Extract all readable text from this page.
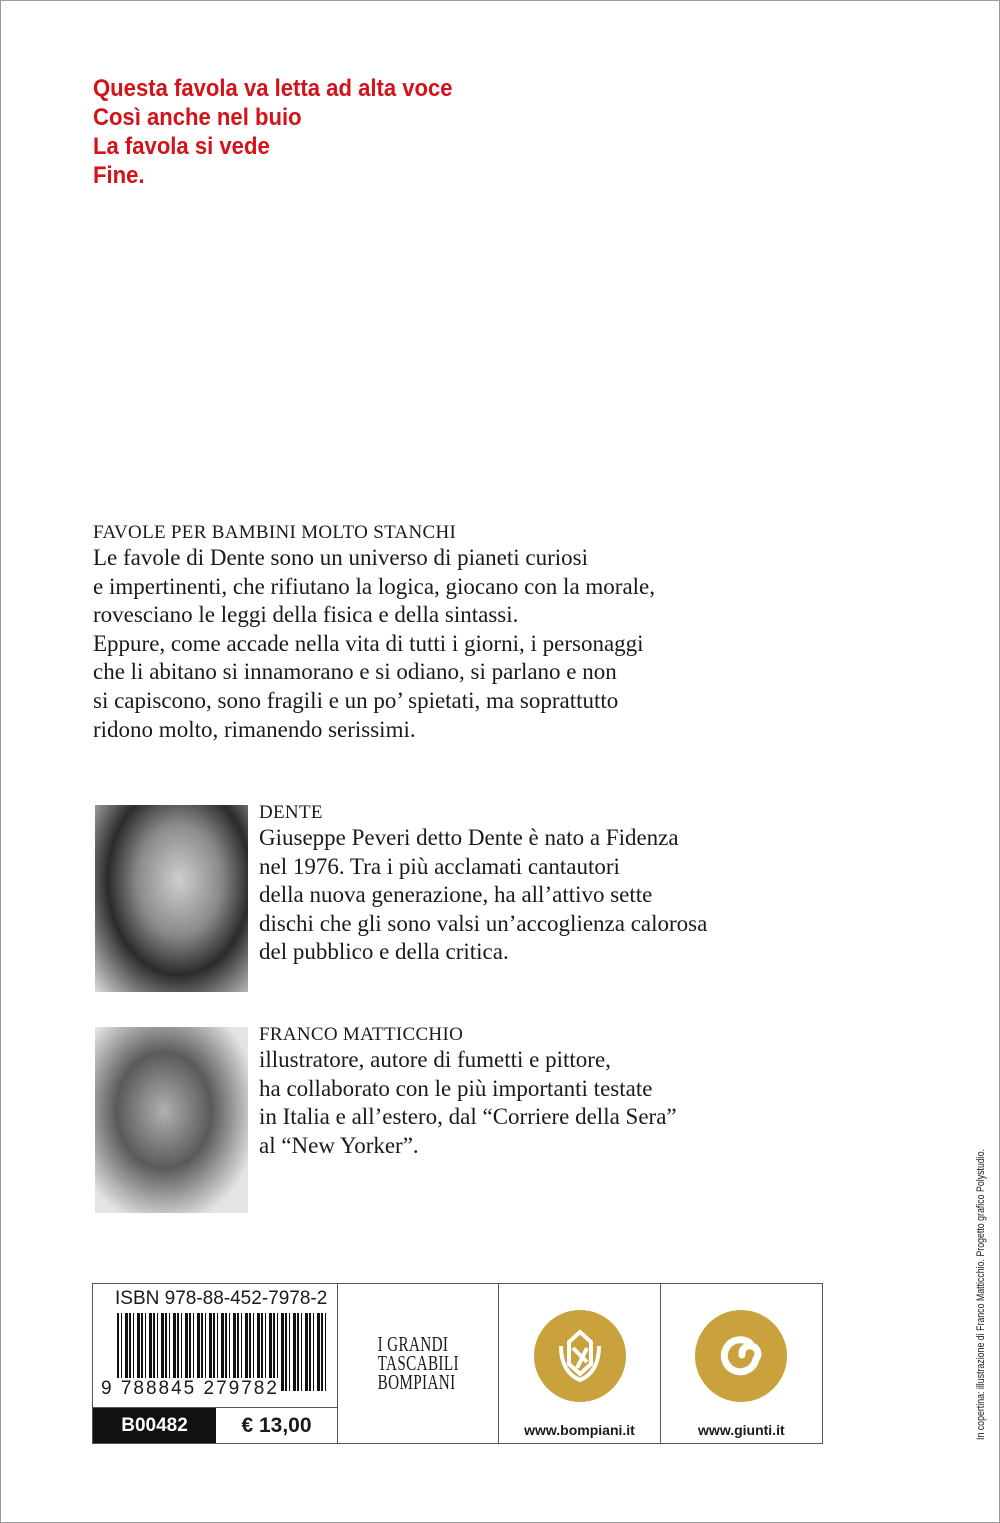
Questa favola va letta ad alta voce
Così anche nel buio
La favola si vede
Fine.
FAVOLE PER BAMBINI MOLTO STANCHI
Le favole di Dente sono un universo di pianeti curiosi
e impertinenti, che rifiutano la logica, giocano con la morale,
rovesciano le leggi della fisica e della sintassi.
Eppure, come accade nella vita di tutti i giorni, i personaggi
che li abitano si innamorano e si odiano, si parlano e non
si capiscono, sono fragili e un po’ spietati, ma soprattutto
ridono molto, rimanendo serissimi.
DENTE
Giuseppe Peveri detto Dente è nato a Fidenza
nel 1976. Tra i più acclamati cantautori
della nuova generazione, ha all’attivo sette
dischi che gli sono valsi un’accoglienza calorosa
del pubblico e della critica.
FRANCO MATTICCHIO
illustratore, autore di fumetti e pittore,
ha collaborato con le più importanti testate
in Italia e all’estero, dal “Corriere della Sera”
al “New Yorker”.
ISBN 978-88-452-7978-2
9 788845 279782
B00482	€ 13,00
I GRANDI
TASCABILI
BOMPIANI
www.bompiani.it	www.giunti.it	In copertina: illustrazione di Franco Matticchio. Progetto grafico Polystudio.
